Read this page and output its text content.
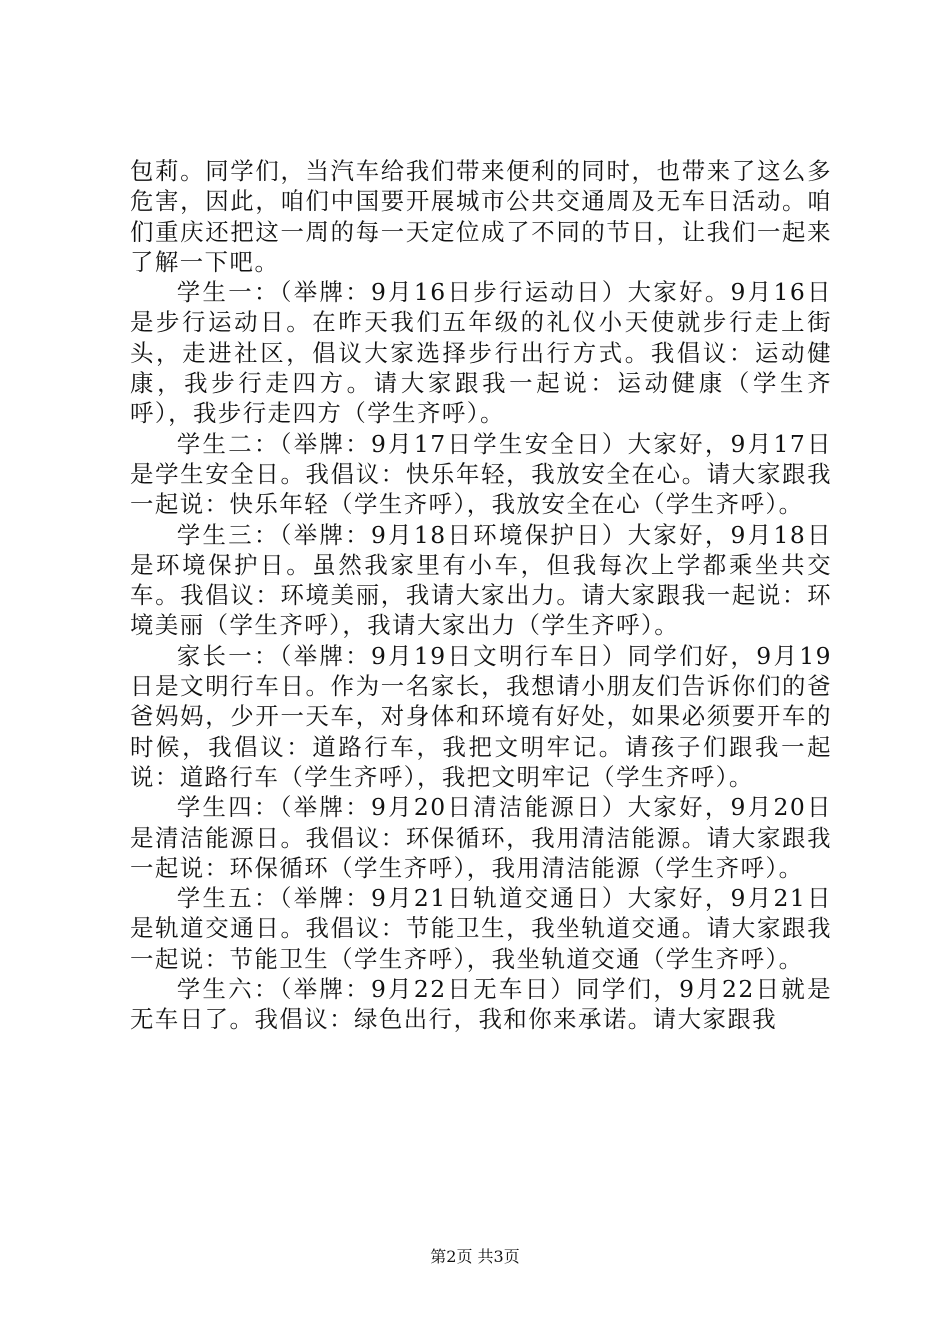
包莉。同学们，当汽车给我们带来便利的同时，也带来了这么多危害，因此，咱们中国要开展城市公共交通周及无车日活动。咱们重庆还把这一周的每一天定位成了不同的节日，让我们一起来了解一下吧。

学生一：（举牌：9月16日步行运动日）大家好。9月16日是步行运动日。在昨天我们五年级的礼仪小天使就步行走上街头，走进社区，倡议大家选择步行出行方式。我倡议：运动健康，我步行走四方。请大家跟我一起说：运动健康（学生齐呼），我步行走四方（学生齐呼）。

学生二：（举牌：9月17日学生安全日）大家好，9月17日是学生安全日。我倡议：快乐年轻，我放安全在心。请大家跟我一起说：快乐年轻（学生齐呼），我放安全在心（学生齐呼）。

学生三：（举牌：9月18日环境保护日）大家好，9月18日是环境保护日。虽然我家里有小车，但我每次上学都乘坐共交车。我倡议：环境美丽，我请大家出力。请大家跟我一起说：环境美丽（学生齐呼），我请大家出力（学生齐呼）。

家长一：（举牌：9月19日文明行车日）同学们好，9月19日是文明行车日。作为一名家长，我想请小朋友们告诉你们的爸爸妈妈，少开一天车，对身体和环境有好处，如果必须要开车的时候，我倡议：道路行车，我把文明牢记。请孩子们跟我一起说：道路行车（学生齐呼），我把文明牢记（学生齐呼）。

学生四：（举牌：9月20日清洁能源日）大家好，9月20日是清洁能源日。我倡议：环保循环，我用清洁能源。请大家跟我一起说：环保循环（学生齐呼），我用清洁能源（学生齐呼）。

学生五：（举牌：9月21日轨道交通日）大家好，9月21日是轨道交通日。我倡议：节能卫生，我坐轨道交通。请大家跟我一起说：节能卫生（学生齐呼），我坐轨道交通（学生齐呼）。

学生六：（举牌：9月22日无车日）同学们，9月22日就是无车日了。我倡议：绿色出行，我和你来承诺。请大家跟我

第2页 共3页
